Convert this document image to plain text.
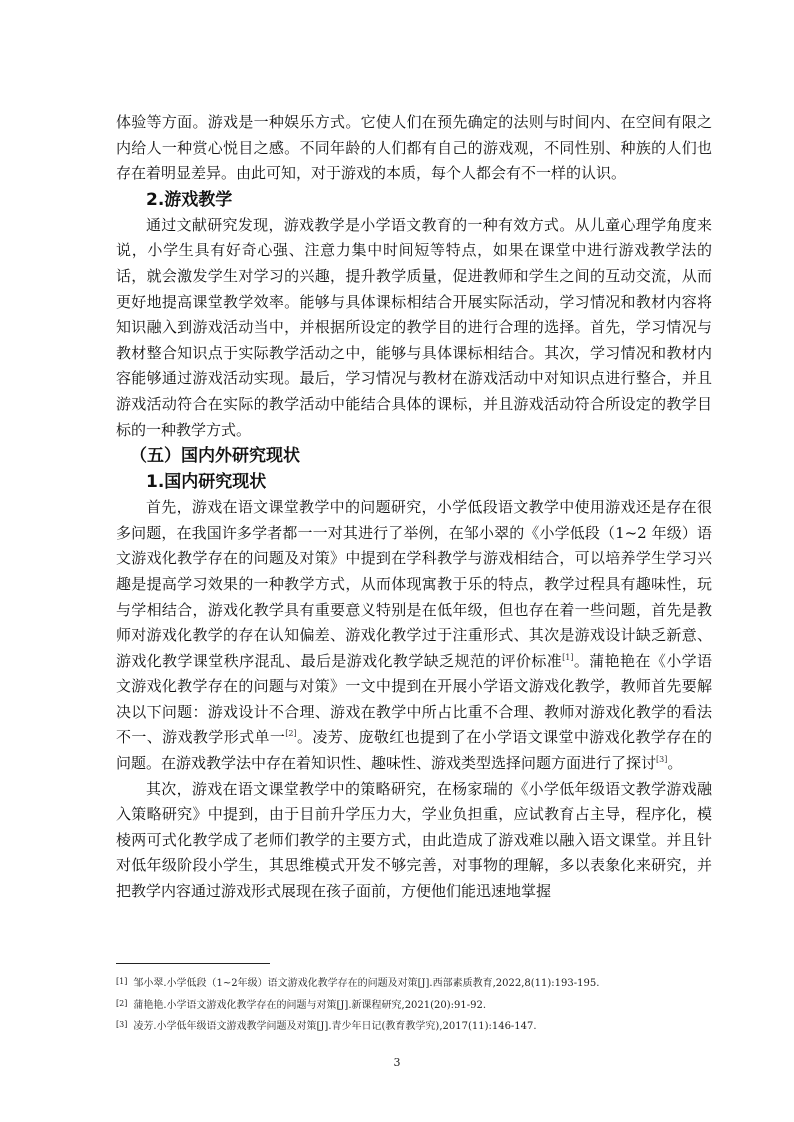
体验等方面。游戏是一种娱乐方式。它使人们在预先确定的法则与时间内、在空间有限之内给人一种赏心悦目之感。不同年龄的人们都有自己的游戏观，不同性别、种族的人们也存在着明显差异。由此可知，对于游戏的本质，每个人都会有不一样的认识。

2.游戏教学

通过文献研究发现，游戏教学是小学语文教育的一种有效方式。从儿童心理学角度来说，小学生具有好奇心强、注意力集中时间短等特点，如果在课堂中进行游戏教学法的话，就会激发学生对学习的兴趣，提升教学质量，促进教师和学生之间的互动交流，从而更好地提高课堂教学效率。能够与具体课标相结合开展实际活动，学习情况和教材内容将知识融入到游戏活动当中，并根据所设定的教学目的进行合理的选择。首先，学习情况与教材整合知识点于实际教学活动之中，能够与具体课标相结合。其次，学习情况和教材内容能够通过游戏活动实现。最后，学习情况与教材在游戏活动中对知识点进行整合，并且游戏活动符合在实际的教学活动中能结合具体的课标，并且游戏活动符合所设定的教学目标的一种教学方式。

（五）国内外研究现状
1.国内研究现状

首先，游戏在语文课堂教学中的问题研究，小学低段语文教学中使用游戏还是存在很多问题，在我国许多学者都一一对其进行了举例，在邹小翠的《小学低段（1~2 年级）语文游戏化教学存在的问题及对策》中提到在学科教学与游戏相结合，可以培养学生学习兴趣是提高学习效果的一种教学方式，从而体现寓教于乐的特点，教学过程具有趣味性，玩与学相结合，游戏化教学具有重要意义特别是在低年级，但也存在着一些问题，首先是教师对游戏化教学的存在认知偏差、游戏化教学过于注重形式、其次是游戏设计缺乏新意、游戏化教学课堂秩序混乱、最后是游戏化教学缺乏规范的评价标准[1]。蒲艳艳在《小学语文游戏化教学存在的问题与对策》一文中提到在开展小学语文游戏化教学，教师首先要解决以下问题：游戏设计不合理、游戏在教学中所占比重不合理、教师对游戏化教学的看法不一、游戏教学形式单一[2]。凌芳、庞敬红也提到了在小学语文课堂中游戏化教学存在的问题。在游戏教学法中存在着知识性、趣味性、游戏类型选择问题方面进行了探讨[3]。

其次，游戏在语文课堂教学中的策略研究，在杨家瑞的《小学低年级语文教学游戏融入策略研究》中提到，由于目前升学压力大，学业负担重，应试教育占主导，程序化，模棱两可式化教学成了老师们教学的主要方式，由此造成了游戏难以融入语文课堂。并且针对低年级阶段小学生，其思维模式开发不够完善，对事物的理解，多以表象化来研究，并把教学内容通过游戏形式展现在孩子面前，方便他们能迅速地掌握

[1] 邹小翠.小学低段（1~2年级）语文游戏化教学存在的问题及对策[J].西部素质教育,2022,8(11):193-195.
[2] 蒲艳艳.小学语文游戏化教学存在的问题与对策[J].新课程研究,2021(20):91-92.
[3] 凌芳.小学低年级语文游戏教学问题及对策[J].青少年日记(教育教学究),2017(11):146-147.
3
